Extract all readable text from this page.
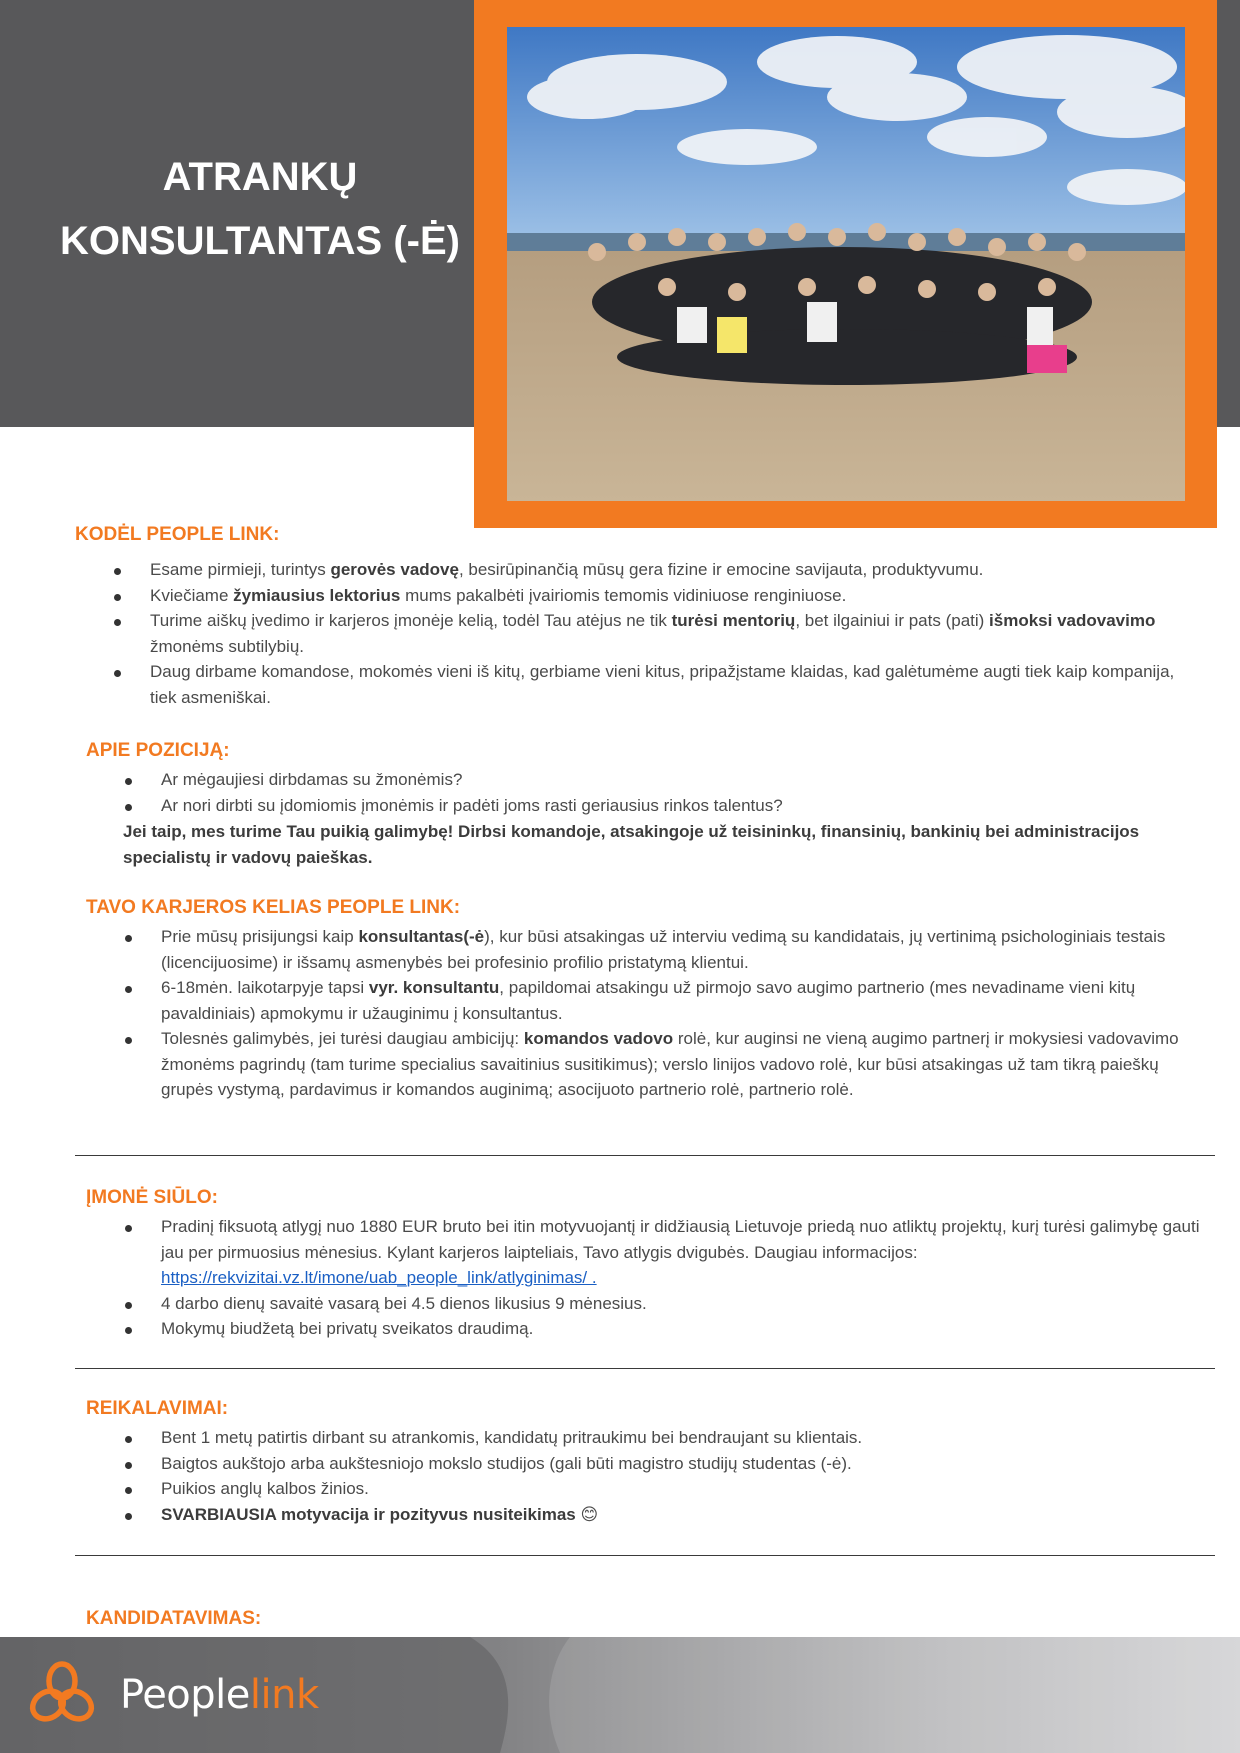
ATRANKŲ
KONSULTANTAS (-Ė)
KODĖL PEOPLE LINK:
Esame pirmieji, turintys gerovės vadovę, besirūpinančią mūsų gera fizine ir emocine savijauta, produktyvumu.
Kviečiame žymiausius lektorius mums pakalbėti įvairiomis temomis vidiniuose renginiuose.
Turime aiškų įvedimo ir karjeros įmonėje kelią, todėl Tau atėjus ne tik turėsi mentorių, bet ilgainiui ir pats (pati) išmoksi vadovavimo žmonėms subtilybių.
Daug dirbame komandose, mokomės vieni iš kitų, gerbiame vieni kitus, pripažįstame klaidas, kad galėtumėme augti tiek kaip kompanija, tiek asmeniškai.
APIE POZICIJĄ:
Ar mėgaujiesi dirbdamas su žmonėmis?
Ar nori dirbti su įdomiomis įmonėmis ir padėti joms rasti geriausius rinkos talentus?

Jei taip, mes turime Tau puikią galimybę! Dirbsi komandoje, atsakingoje už teisininkų, finansinių, bankinių bei administracijos specialistų ir vadovų paieškas.

TAVO KARJEROS KELIAS PEOPLE LINK:
Prie mūsų prisijungsi kaip konsultantas(-ė), kur būsi atsakingas už interviu vedimą su kandidatais, jų vertinimą psichologiniais testais (licencijuosime) ir išsamų asmenybės bei profesinio profilio pristatymą klientui.
6-18mėn. laikotarpyje tapsi vyr. konsultantu, papildomai atsakingu už pirmojo savo augimo partnerio (mes nevadiname vieni kitų pavaldiniais) apmokymu ir užauginimu į konsultantus.
Tolesnės galimybės, jei turėsi daugiau ambicijų: komandos vadovo rolė, kur auginsi ne vieną augimo partnerį ir mokysiesi vadovavimo žmonėms pagrindų (tam turime specialius savaitinius susitikimus); verslo linijos vadovo rolė, kur būsi atsakingas už tam tikrą paieškų grupės vystymą, pardavimus ir komandos auginimą; asocijuoto partnerio rolė, partnerio rolė.
ĮMONĖ SIŪLO:
Pradinį fiksuotą atlygį nuo 1880 EUR bruto bei itin motyvuojantį ir didžiausią Lietuvoje priedą nuo atliktų projektų, kurį turėsi galimybę gauti jau per pirmuosius mėnesius. Kylant karjeros laipteliais, Tavo atlygis dvigubės. Daugiau informacijos: https://rekvizitai.vz.lt/imone/uab_people_link/atlyginimas/ .
4 darbo dienų savaitė vasarą bei 4.5 dienos likusius 9 mėnesius.
Mokymų biudžetą bei privatų sveikatos draudimą.
REIKALAVIMAI:
Bent 1 metų patirtis dirbant su atrankomis, kandidatų pritraukimu bei bendraujant su klientais.
Baigtos aukštojo arba aukštesniojo mokslo studijos (gali būti magistro studijų studentas (-ė).
Puikios anglų kalbos žinios.
SVARBIAUSIA motyvacija ir pozityvus nusiteikimas 😊
KANDIDATAVIMAS:
Peoplelink
